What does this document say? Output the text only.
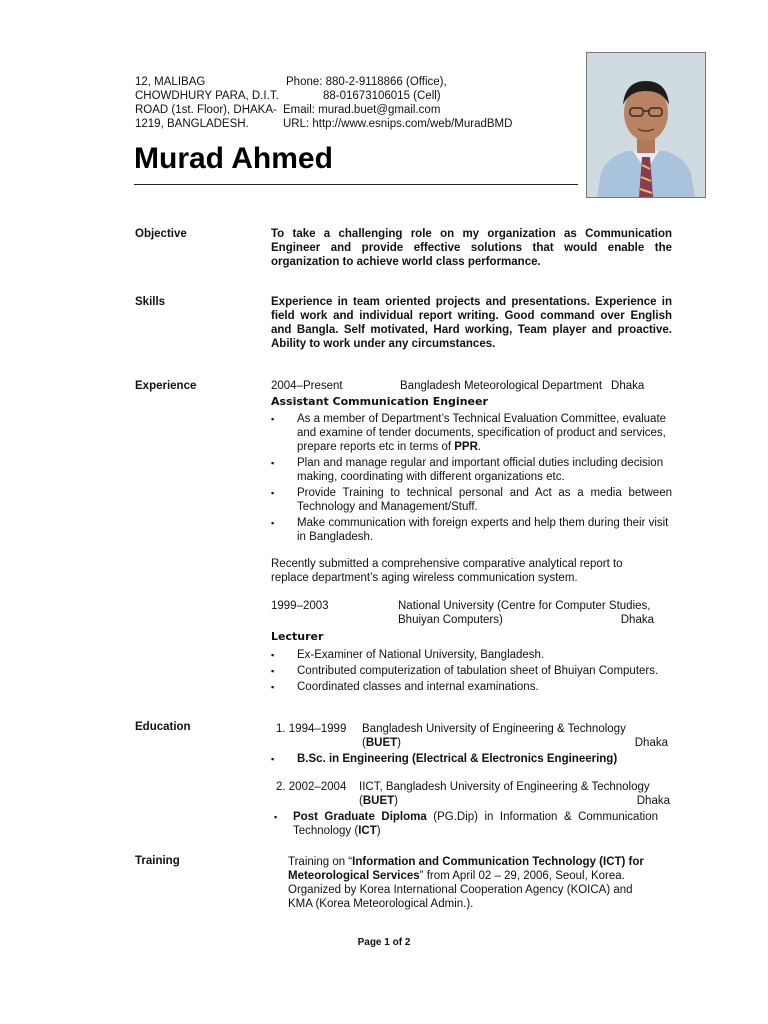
12, MALIBAG
CHOWDHURY PARA, D.I.T.
ROAD (1st. Floor), DHAKA-
1219, BANGLADESH.
Phone: 880-2-9118866 (Office),
88-01673106015 (Cell)
Email: murad.buet@gmail.com
URL: http://www.esnips.com/web/MuradBMD
Murad Ahmed
Objective	To take a challenging role on my organization as Communication Engineer and provide effective solutions that would enable the organization to achieve world class performance.
Skills	Experience in team oriented projects and presentations. Experience in field work and individual report writing. Good command over English and Bangla. Self motivated, Hard working, Team player and proactive. Ability to work under any circumstances.
Experience	2004–Present	Bangladesh Meteorological Department Dhaka
Assistant Communication Engineer
▪ As a member of Department’s Technical Evaluation Committee, evaluate and examine of tender documents, specification of product and services, prepare reports etc in terms of PPR.
▪ Plan and manage regular and important official duties including decision making, coordinating with different organizations etc.
▪ Provide Training to technical personal and Act as a media between Technology and Management/Stuff.
▪ Make communication with foreign experts and help them during their visit in Bangladesh.
Recently submitted a comprehensive comparative analytical report to replace department’s aging wireless communication system.
1999–2003	National University (Centre for Computer Studies,
Bhuiyan Computers)	Dhaka
Lecturer
▪ Ex-Examiner of National University, Bangladesh.
▪ Contributed computerization of tabulation sheet of Bhuiyan Computers.
▪ Coordinated classes and internal examinations.
Education	1. 1994–1999	Bangladesh University of Engineering & Technology
(BUET)	Dhaka
▪ B.Sc. in Engineering (Electrical & Electronics Engineering)
2. 2002–2004	IICT, Bangladesh University of Engineering & Technology
(BUET)	Dhaka
▪ Post Graduate Diploma (PG.Dip) in Information & Communication Technology (ICT)
Training	Training on “Information and Communication Technology (ICT) for Meteorological Services” from April 02 – 29, 2006, Seoul, Korea. Organized by Korea International Cooperation Agency (KOICA) and KMA (Korea Meteorological Admin.).
Page 1 of 2
